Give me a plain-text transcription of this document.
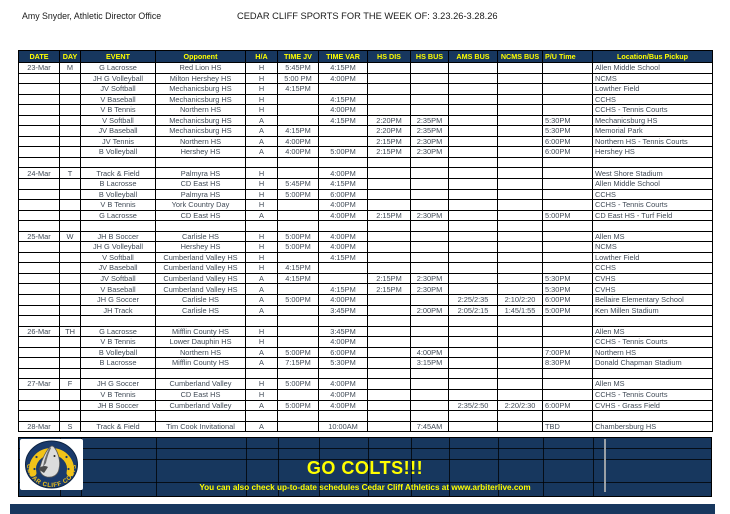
Amy Snyder, Athletic Director Office	CEDAR CLIFF SPORTS FOR THE WEEK OF: 3.23.26-3.28.26
DATE	DAY	EVENT	Opponent	H/A	TIME JV	TIME VAR	HS DIS	HS BUS	AMS BUS	NCMS BUS	P/U Time	Location/Bus Pickup
23-Mar	M	G Lacrosse	Red Lion HS	H	5:45PM	4:15PM						Allen Middle School
		JH G Volleyball	Milton Hershey HS	H	5:00 PM	4:00PM						NCMS
		JV Softball	Mechanicsburg HS	H	4:15PM							Lowther Field
		V Baseball	Mechanicsburg HS	H		4:15PM						CCHS
		V B Tennis	Northern HS	H		4:00PM						CCHS - Tennis Courts
		V Softball	Mechanicsburg HS	A		4:15PM	2:20PM	2:35PM			5:30PM	Mechanicsburg HS
		JV Baseball	Mechanicsburg HS	A	4:15PM		2:20PM	2:35PM			5:30PM	Memorial Park
		JV Tennis	Northern HS	A	4:00PM		2:15PM	2:30PM			6:00PM	Northern HS - Tennis Courts
		B Volleyball	Hershey HS	A	4:00PM	5:00PM	2:15PM	2:30PM			6:00PM	Hershey HS

24-Mar	T	Track & Field	Palmyra HS	H		4:00PM						West Shore Stadium
		B Lacrosse	CD East HS	H	5:45PM	4:15PM						Allen Middle School
		B Volleyball	Palmyra HS	H	5:00PM	6:00PM						CCHS
		V B Tennis	York Country Day	H		4:00PM						CCHS - Tennis Courts
		G Lacrosse	CD East HS	A		4:00PM	2:15PM	2:30PM			5:00PM	CD East HS - Turf Field

25-Mar	W	JH B Soccer	Carlisle HS	H	5:00PM	4:00PM						Allen MS
		JH G Volleyball	Hershey HS	H	5:00PM	4:00PM						NCMS
		V Softball	Cumberland Valley HS	H		4:15PM						Lowther Field
		JV Baseball	Cumberland Valley HS	H	4:15PM							CCHS
		JV Softball	Cumberland Valley HS	A	4:15PM		2:15PM	2:30PM			5:30PM	CVHS
		V Baseball	Cumberland Valley HS	A		4:15PM	2:15PM	2:30PM			5:30PM	CVHS
		JH G Soccer	Carlisle HS	A	5:00PM	4:00PM			2:25/2:35	2:10/2:20	6:00PM	Bellaire Elementary School
		JH Track	Carlisle HS	A		3:45PM		2:00PM	2:05/2:15	1:45/1:55	5:00PM	Ken Millen Stadium

26-Mar	TH	G Lacrosse	Mifflin County HS	H		3:45PM						Allen MS
		V B Tennis	Lower Dauphin HS	H		4:00PM						CCHS - Tennis Courts
		B Volleyball	Northern HS	A	5:00PM	6:00PM		4:00PM			7:00PM	Northern HS
		B Lacrosse	Mifflin County HS	A	7:15PM	5:30PM		3:15PM			8:30PM	Donald Chapman Stadium

27-Mar	F	JH G Soccer	Cumberland Valley	H	5:00PM	4:00PM						Allen MS
		V B Tennis	CD East HS	H		4:00PM						CCHS - Tennis Courts
		JH B Soccer	Cumberland Valley	A	5:00PM	4:00PM			2:35/2:50	2:20/2:30	6:00PM	CVHS - Grass Field

28-Mar	S	Track & Field	Tim Cook Invitational	A		10:00AM		7:45AM			TBD	Chambersburg HS
CEDAR CLIFF COLTS	GO COLTS!!!
You can also check up-to-date schedules Cedar Cliff Athletics at www.arbiterlive.com
